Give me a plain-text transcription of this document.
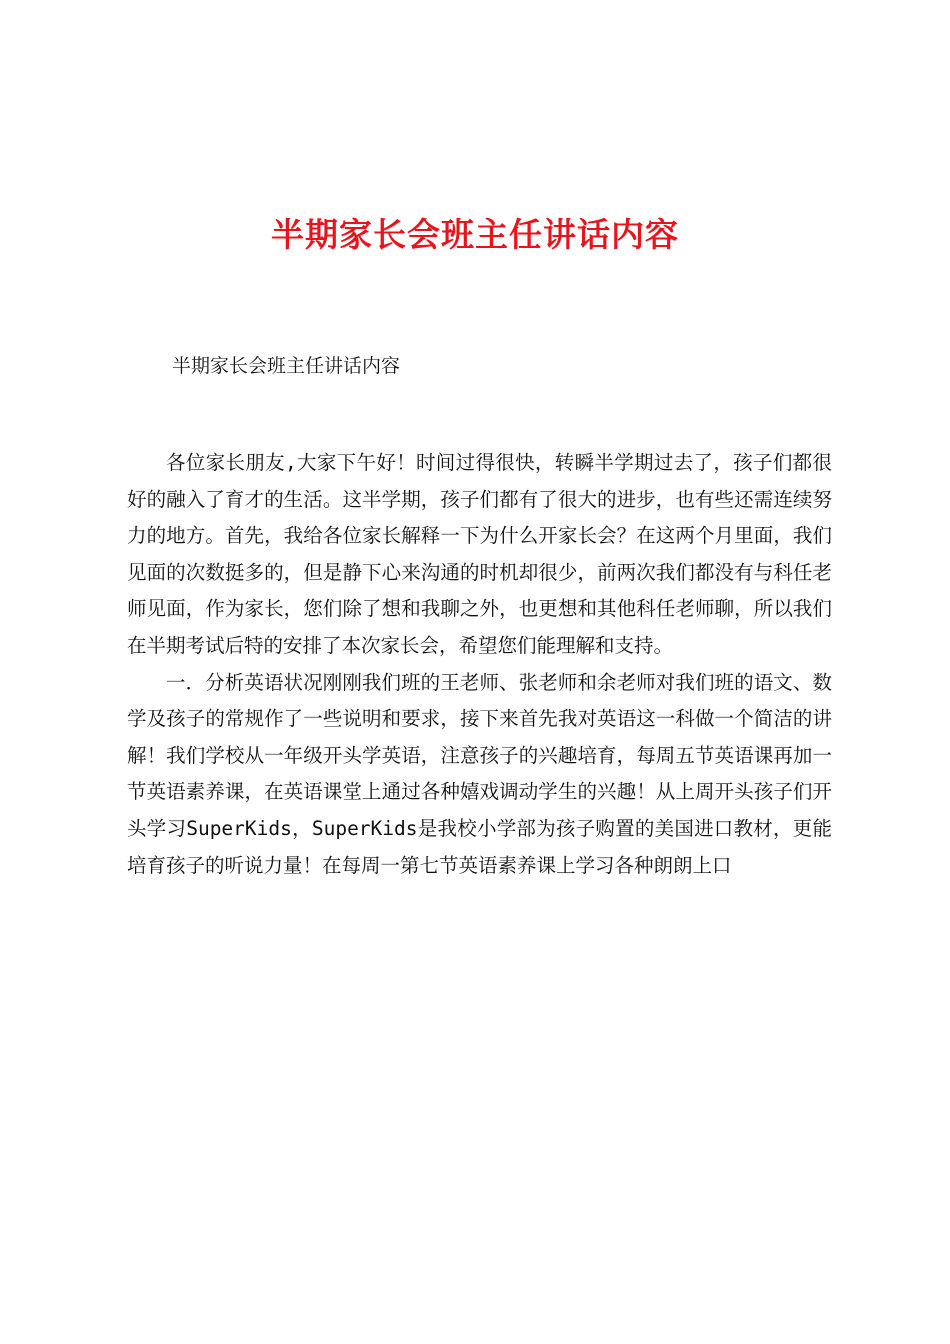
半期家长会班主任讲话内容
半期家长会班主任讲话内容

各位家长朋友,大家下午好！时间过得很快，转瞬半学期过去了，孩子们都很好的融入了育才的生活。这半学期，孩子们都有了很大的进步，也有些还需连续努力的地方。首先，我给各位家长解释一下为什么开家长会？在这两个月里面，我们见面的次数挺多的，但是静下心来沟通的时机却很少，前两次我们都没有与科任老师见面，作为家长，您们除了想和我聊之外，也更想和其他科任老师聊，所以我们在半期考试后特的安排了本次家长会，希望您们能理解和支持。

一．分析英语状况刚刚我们班的王老师、张老师和余老师对我们班的语文、数学及孩子的常规作了一些说明和要求，接下来首先我对英语这一科做一个简洁的讲解！我们学校从一年级开头学英语，注意孩子的兴趣培育，每周五节英语课再加一节英语素养课，在英语课堂上通过各种嬉戏调动学生的兴趣！从上周开头孩子们开头学习SuperKids，SuperKids是我校小学部为孩子购置的美国进口教材，更能培育孩子的听说力量！在每周一第七节英语素养课上学习各种朗朗上口
